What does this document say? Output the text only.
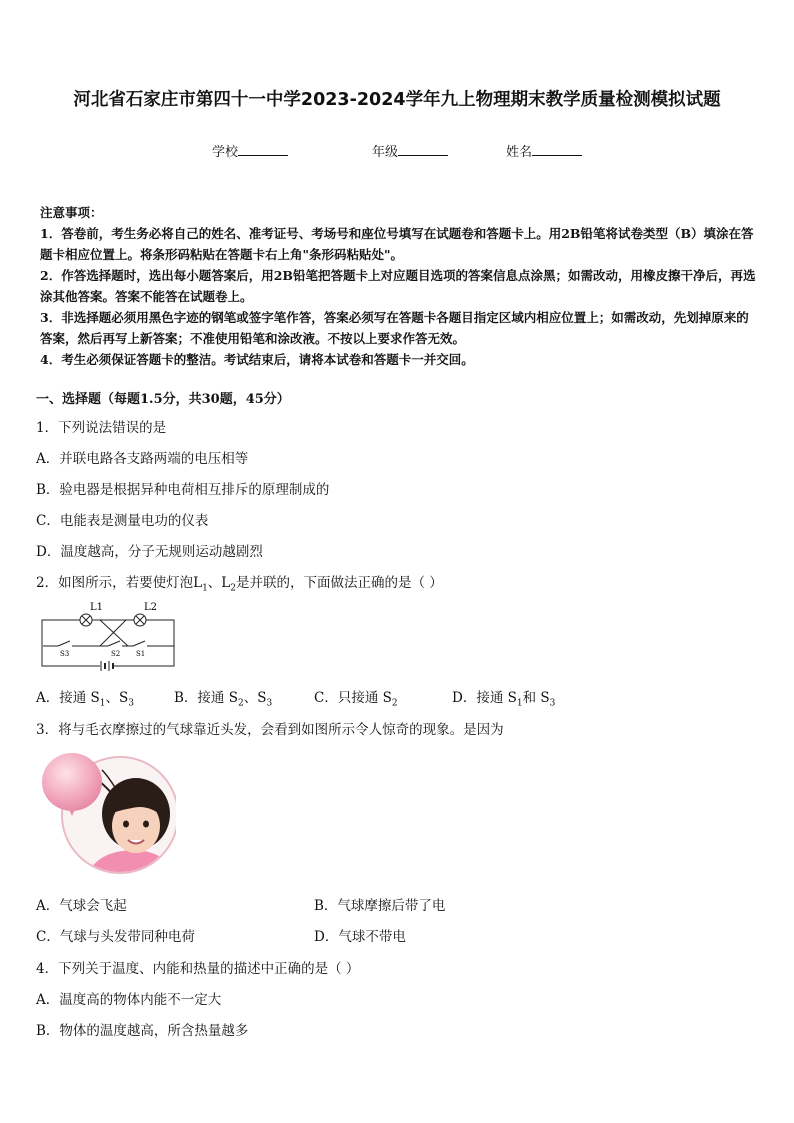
河北省石家庄市第四十一中学2023-2024学年九上物理期末教学质量检测模拟试题
学校	年级	姓名

注意事项：

1．答卷前，考生务必将自己的姓名、准考证号、考场号和座位号填写在试题卷和答题卡上。用2B铅笔将试卷类型（B）填涂在答题卡相应位置上。将条形码粘贴在答题卡右上角"条形码粘贴处"。

2．作答选择题时，选出每小题答案后，用2B铅笔把答题卡上对应题目选项的答案信息点涂黑；如需改动，用橡皮擦干净后，再选涂其他答案。答案不能答在试题卷上。

3．非选择题必须用黑色字迹的钢笔或签字笔作答，答案必须写在答题卡各题目指定区域内相应位置上；如需改动，先划掉原来的答案，然后再写上新答案；不准使用铅笔和涂改液。不按以上要求作答无效。

4．考生必须保证答题卡的整洁。考试结束后，请将本试卷和答题卡一并交回。

一、选择题（每题1.5分，共30题，45分）
1．下列说法错误的是
A．并联电路各支路两端的电压相等
B．验电器是根据异种电荷相互排斥的原理制成的
C．电能表是测量电功的仪表
D．温度越高，分子无规则运动越剧烈
2．如图所示，若要使灯泡$L_1$、$L_2$是并联的，下面做法正确的是（ ）
L1	L2
S3	S2 S1
A．接通 $S_1$、$S_3$	B．接通 $S_2$、$S_3$	C．只接通 $S_2$	D．接通 $S_1$和 $S_3$
3．将与毛衣摩擦过的气球靠近头发，会看到如图所示令人惊奇的现象。是因为
A．气球会飞起	B．气球摩擦后带了电
C．气球与头发带同种电荷	D．气球不带电
4．下列关于温度、内能和热量的描述中正确的是（ ）
A．温度高的物体内能不一定大
B．物体的温度越高，所含热量越多
